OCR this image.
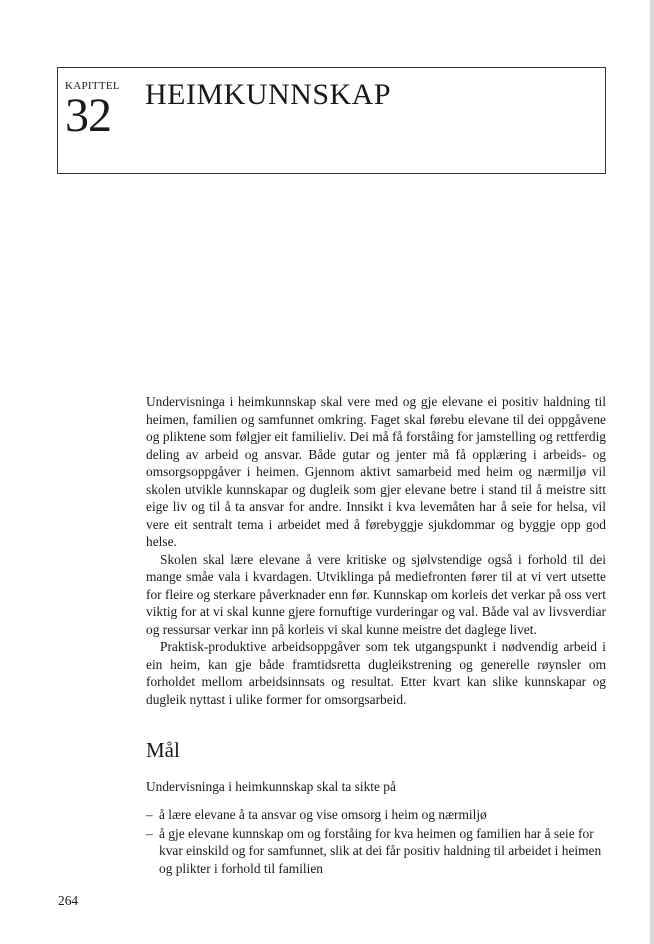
KAPITTEL
32 HEIMKUNNSKAP

Undervisninga i heimkunnskap skal vere med og gje elevane ei positiv haldning til heimen, familien og samfunnet omkring. Faget skal førebu elevane til dei oppgåvene og pliktene som følgjer eit familieliv. Dei må få forståing for jamstelling og rettferdig deling av arbeid og ansvar. Både gutar og jenter må få opplæring i arbeids- og omsorgsoppgåver i heimen. Gjennom aktivt samarbeid med heim og nærmiljø vil skolen utvikle kunnskapar og dugleik som gjer elevane betre i stand til å meistre sitt eige liv og til å ta ansvar for andre. Innsikt i kva levemåten har å seie for helsa, vil vere eit sentralt tema i arbeidet med å førebyggje sjukdommar og byggje opp god helse.

Skolen skal lære elevane å vere kritiske og sjølvstendige også i forhold til dei mange småe vala i kvardagen. Utviklinga på mediefronten fører til at vi vert utsette for fleire og sterkare påverknader enn før. Kunnskap om korleis det verkar på oss vert viktig for at vi skal kunne gjere fornuftige vurderingar og val. Både val av livsverdiar og ressursar verkar inn på korleis vi skal kunne meistre det daglege livet.

Praktisk-produktive arbeidsoppgåver som tek utgangspunkt i nødvendig arbeid i ein heim, kan gje både framtidsretta dugleikstrening og generelle røynsler om forholdet mellom arbeidsinnsats og resultat. Etter kvart kan slike kunnskapar og dugleik nyttast i ulike former for omsorgsarbeid.

Mål
Undervisninga i heimkunnskap skal ta sikte på
– å lære elevane å ta ansvar og vise omsorg i heim og nærmiljø
– å gje elevane kunnskap om og forståing for kva heimen og familien har å seie for kvar einskild og for samfunnet, slik at dei får positiv haldning til arbeidet i heimen og plikter i forhold til familien
264
